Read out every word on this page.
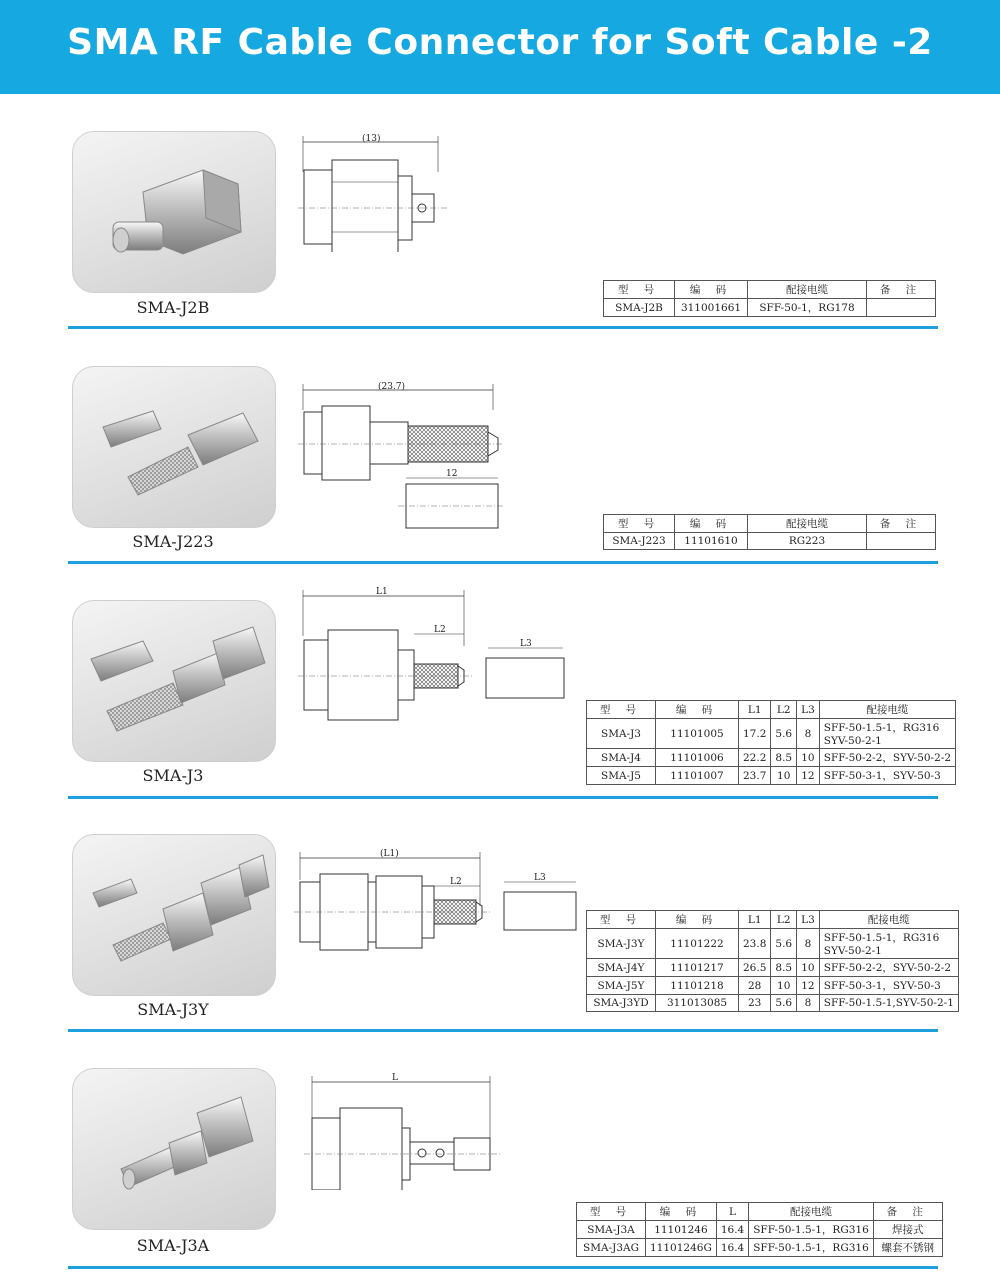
SMA RF Cable Connector for Soft Cable -2
SMA-J2B
(13)
型 号	编 码	配接电缆	备 注
SMA-J2B	311001661	SFF-50-1，RG178	
SMA-J223
(23.7)
12
型 号	编 码	配接电缆	备 注
SMA-J223	11101610	RG223	
SMA-J3
L1
L2
L3
型 号	编 码	L1	L2	L3	配接电缆
SMA-J3	11101005	17.2	5.6	8	SFF-50-1.5-1，RG316
SYV-50-2-1
SMA-J4	11101006	22.2	8.5	10	SFF-50-2-2，SYV-50-2-2
SMA-J5	11101007	23.7	10	12	SFF-50-3-1，SYV-50-3
SMA-J3Y
(L1)
L2	L3
型 号	编 码	L1	L2	L3	配接电缆
SMA-J3Y	11101222	23.8	5.6	8	SFF-50-1.5-1，RG316
SYV-50-2-1
SMA-J4Y	11101217	26.5	8.5	10	SFF-50-2-2，SYV-50-2-2
SMA-J5Y	11101218	28	10	12	SFF-50-3-1，SYV-50-3
SMA-J3YD	311013085	23	5.6	8	SFF-50-1.5-1,SYV-50-2-1
SMA-J3A
L
型 号	编 码	L	配接电缆	备 注
SMA-J3A	11101246	16.4	SFF-50-1.5-1，RG316	焊接式
SMA-J3AG	11101246G	16.4	SFF-50-1.5-1，RG316	螺套不锈钢
